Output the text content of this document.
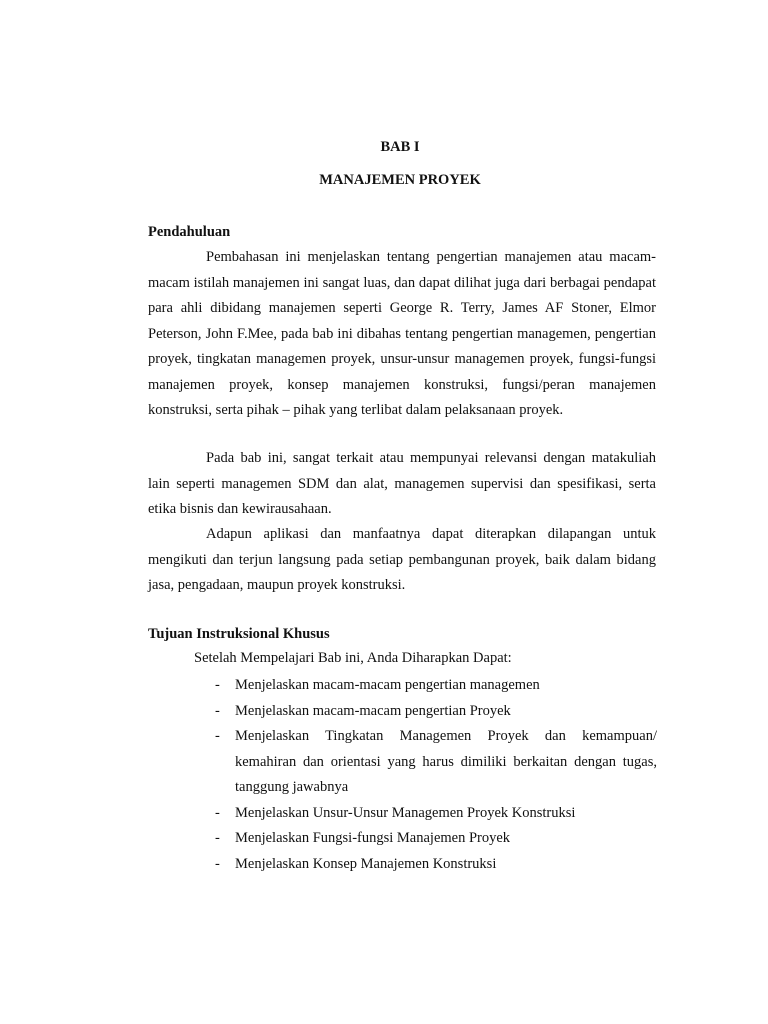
BAB I
MANAJEMEN PROYEK
Pendahuluan

Pembahasan ini menjelaskan tentang pengertian manajemen atau macam-macam istilah manajemen ini sangat luas, dan dapat dilihat juga dari berbagai pendapat para ahli dibidang manajemen seperti George R. Terry, James AF Stoner, Elmor Peterson, John F.Mee, pada bab ini dibahas tentang pengertian managemen, pengertian proyek, tingkatan managemen proyek, unsur-unsur managemen proyek, fungsi-fungsi manajemen proyek, konsep manajemen konstruksi, fungsi/peran manajemen konstruksi, serta pihak – pihak yang terlibat dalam pelaksanaan proyek.

Pada bab ini, sangat terkait atau mempunyai relevansi dengan matakuliah lain seperti managemen SDM dan alat, managemen supervisi dan spesifikasi, serta etika bisnis dan kewirausahaan.

Adapun aplikasi dan manfaatnya dapat diterapkan dilapangan untuk mengikuti dan terjun langsung pada setiap pembangunan proyek, baik dalam bidang jasa, pengadaan, maupun proyek konstruksi.

Tujuan Instruksional Khusus
Setelah Mempelajari Bab ini, Anda Diharapkan Dapat:
- Menjelaskan macam-macam pengertian managemen
- Menjelaskan macam-macam pengertian Proyek
- Menjelaskan Tingkatan Managemen Proyek dan kemampuan/ kemahiran dan orientasi yang harus dimiliki berkaitan dengan tugas, tanggung jawabnya
- Menjelaskan Unsur-Unsur Managemen Proyek Konstruksi
- Menjelaskan Fungsi-fungsi Manajemen Proyek
- Menjelaskan Konsep Manajemen Konstruksi
